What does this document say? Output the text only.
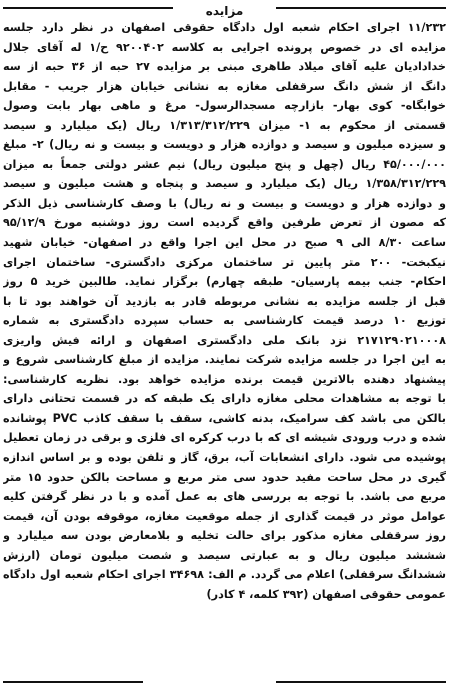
مزایده
۱۱/۲۳۲ اجرای احکام شعبه اول دادگاه حقوقی اصفهان در نظر دارد جلسه
مزایده ای در خصوص پرونده اجرایی به کلاسه ۹۲۰۰۴۰۲ ح/۱ له آقای جلال
خدادادیان علیه آقای میلاد طاهری مبنی بر مزایده ۲۷ حبه از ۳۶ حبه از سه
دانگ از شش دانگ سرقفلی مغازه به نشانی خیابان هزار جریب - مقابل
خوابگاه- کوی بهار- بازارچه مسجدالرسول- مرغ و ماهی بهار بابت وصول
قسمتی از محکوم به ۱- میزان ۱/۳۱۳/۳۱۲/۲۲۹ ریال (یک میلیارد و سیصد
و سیزده میلیون و سیصد و دوازده هزار و دویست و بیست و نه ریال) ۲- مبلغ
۴۵/۰۰۰/۰۰۰ ریال (چهل و پنج میلیون ریال) نیم عشر دولتی جمعاً به میزان
۱/۳۵۸/۳۱۲/۲۲۹ ریال (یک میلیارد و سیصد و پنجاه و هشت میلیون و سیصد
و دوازده هزار و دویست و بیست و نه ریال) با وصف کارشناسی ذیل الذکر
که مصون از تعرض طرفین واقع گردیده است روز دوشنبه مورخ ۹۵/۱۲/۹
ساعت ۸/۳۰ الی ۹ صبح در محل این اجرا واقع در اصفهان- خیابان شهید
نیکبخت- ۲۰۰ متر پایین تر ساختمان مرکزی دادگستری- ساختمان اجرای
احکام- جنب بیمه پارسیان- طبقه چهارم) برگزار نماید. طالبین خرید ۵ روز
قبل از جلسه مزایده به نشانی مربوطه قادر به بازدید آن خواهند بود تا با
توزیع ۱۰ درصد قیمت کارشناسی به حساب سپرده دادگستری به شماره
۲۱۷۱۲۹۰۲۱۰۰۰۸ نزد بانک ملی دادگستری اصفهان و ارائه فیش واریزی
به این اجرا در جلسه مزایده شرکت نمایند. مزایده از مبلغ کارشناسی شروع و
پیشنهاد دهنده بالاترین قیمت برنده مزایده خواهد بود. نظریه کارشناسی:
با توجه به مشاهدات محلی مغازه دارای یک طبقه که در قسمت تحتانی دارای
بالکن می باشد کف سرامیک، بدنه کاشی، سقف با سقف کاذب PVC پوشانده
شده و درب ورودی شیشه ای که با درب کرکره ای فلزی و برقی در زمان تعطیل
پوشیده می شود. دارای انشعابات آب، برق، گاز و تلفن بوده و بر اساس اندازه
گیری در محل ساحت مفید حدود سی متر مربع و مساحت بالکن حدود ۱۵ متر
مربع می باشد. با توجه به بررسی های به عمل آمده و با در نظر گرفتن کلیه
عوامل موثر در قیمت گذاری از جمله موقعیت مغازه، موقوفه بودن آن، قیمت
روز سرقفلی مغازه مذکور برای حالت تخلیه و بلامعارض بودن سه میلیارد و
شششد میلیون ریال و به عبارتی سیصد و شصت میلیون تومان (ارزش
ششدانگ سرقفلی) اعلام می گردد. م الف: ۳۴۶۹۸ اجرای احکام شعبه اول دادگاه
عمومی حقوقی اصفهان (۳۹۲ کلمه، ۴ کادر)
